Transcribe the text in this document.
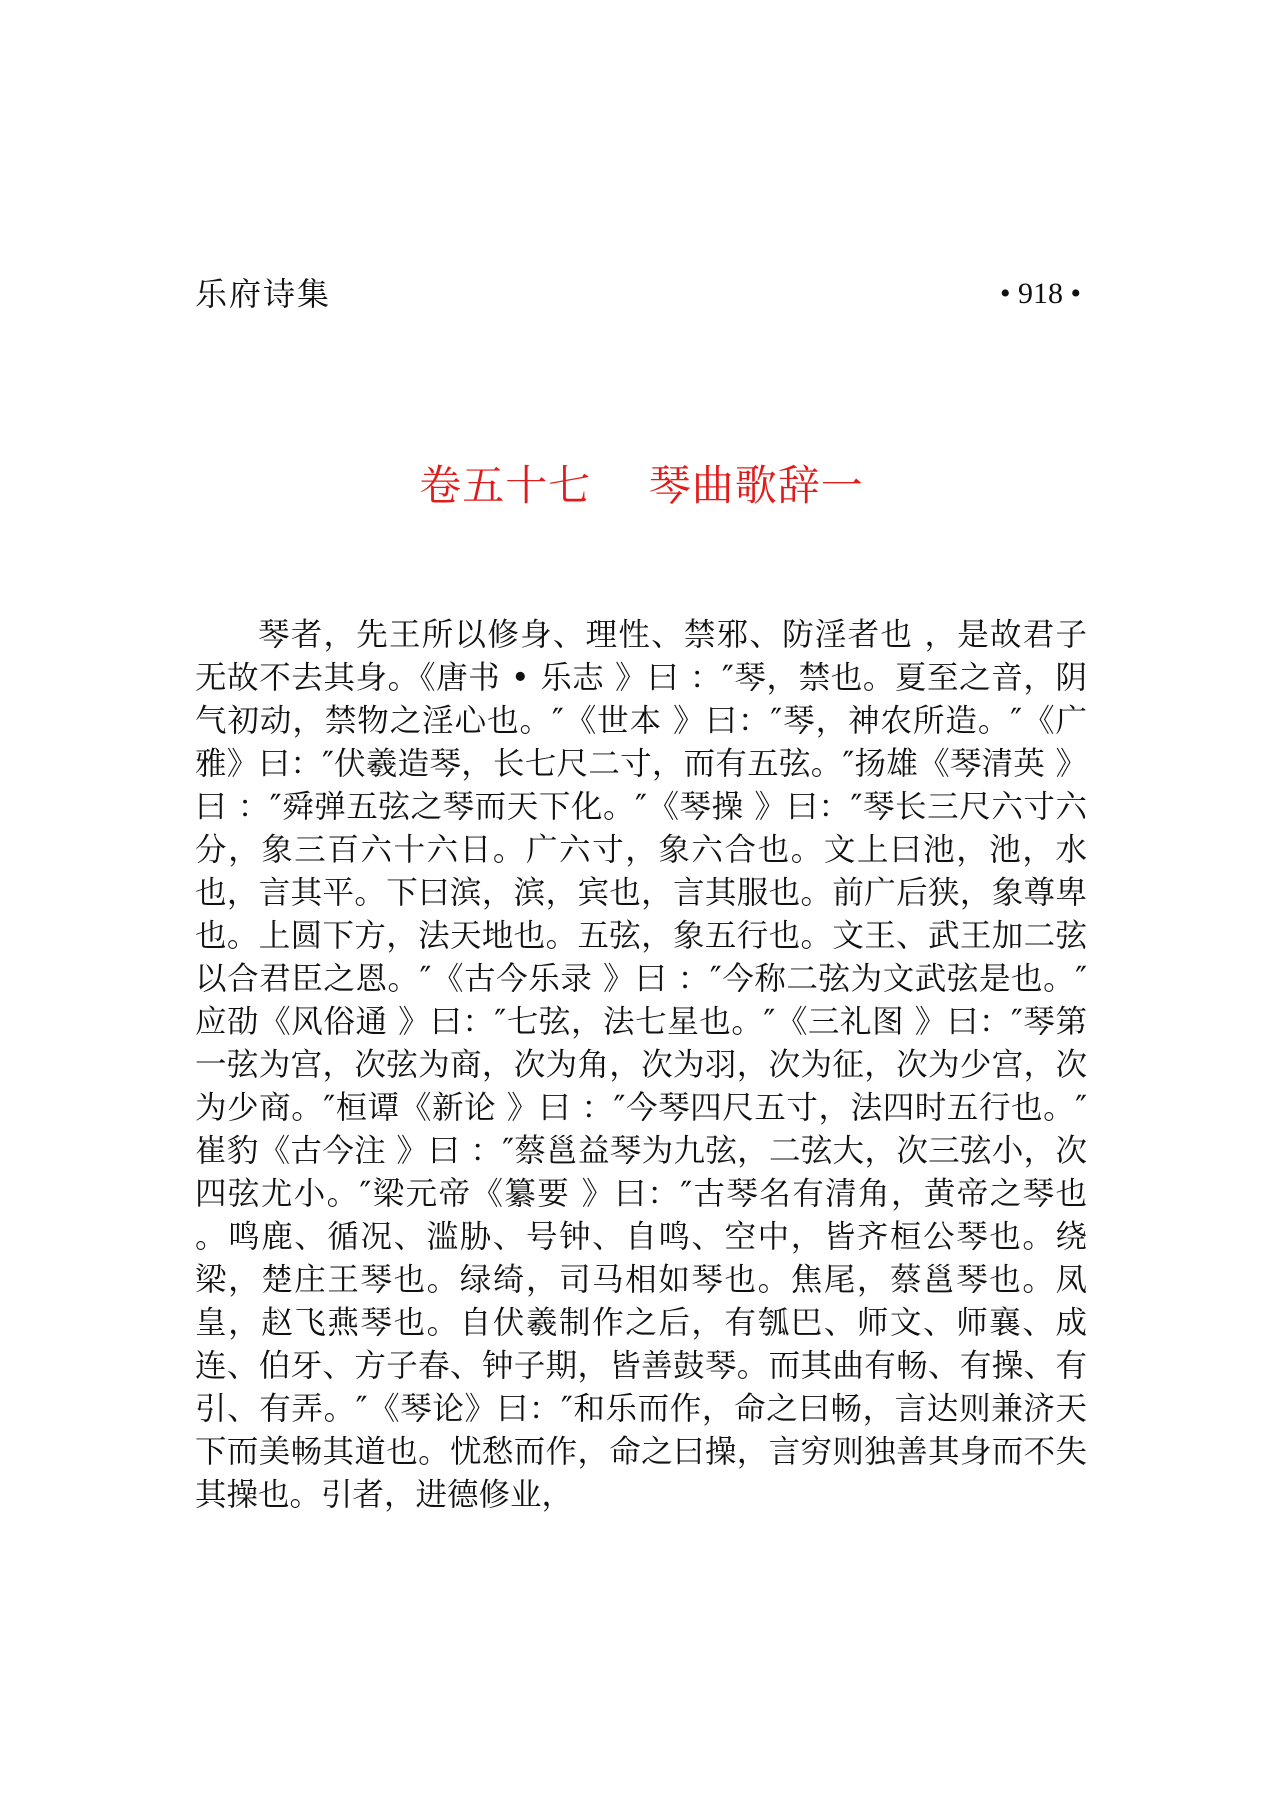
乐府诗集	• 918 •
卷五十七    琴曲歌辞一

琴者，先王所以修身、理性、禁邪、防淫者也 ，是故君子无故不去其身。《唐书 • 乐志 》曰 ：″琴，禁也。夏至之音，阴气初动，禁物之淫心也。″《世本 》曰：″琴，神农所造。″《广雅》曰：″伏羲造琴，长七尺二寸，而有五弦。″扬雄《琴清英 》曰 ：″舜弹五弦之琴而天下化。″《琴操 》曰：″琴长三尺六寸六分，象三百六十六日。广六寸，象六合也。文上曰池，池，水也，言其平。下曰滨，滨，宾也，言其服也。前广后狭，象尊卑也。上圆下方，法天地也。五弦，象五行也。文王、武王加二弦以合君臣之恩。″《古今乐录 》曰 ：″今称二弦为文武弦是也。″应劭《风俗通 》曰：″七弦，法七星也。″《三礼图 》曰：″琴第一弦为宫，次弦为商，次为角，次为羽，次为征，次为少宫，次为少商。″桓谭《新论 》曰 ：″今琴四尺五寸，法四时五行也。″崔豹《古今注 》曰 ：″蔡邕益琴为九弦，二弦大，次三弦小，次四弦尤小。″梁元帝《纂要 》曰：″古琴名有清角，黄帝之琴也 。鸣鹿、循况、滥胁、号钟、自鸣、空中，皆齐桓公琴也。绕梁，楚庄王琴也。绿绮，司马相如琴也。焦尾，蔡邕琴也。凤皇，赵飞燕琴也。自伏羲制作之后，有瓠巴、师文、师襄、成连、伯牙、方子春、钟子期，皆善鼓琴。而其曲有畅、有操、有引、有弄。″《琴论》曰：″和乐而作，命之曰畅，言达则兼济天下而美畅其道也。忧愁而作，命之曰操，言穷则独善其身而不失其操也。引者，进德修业，
